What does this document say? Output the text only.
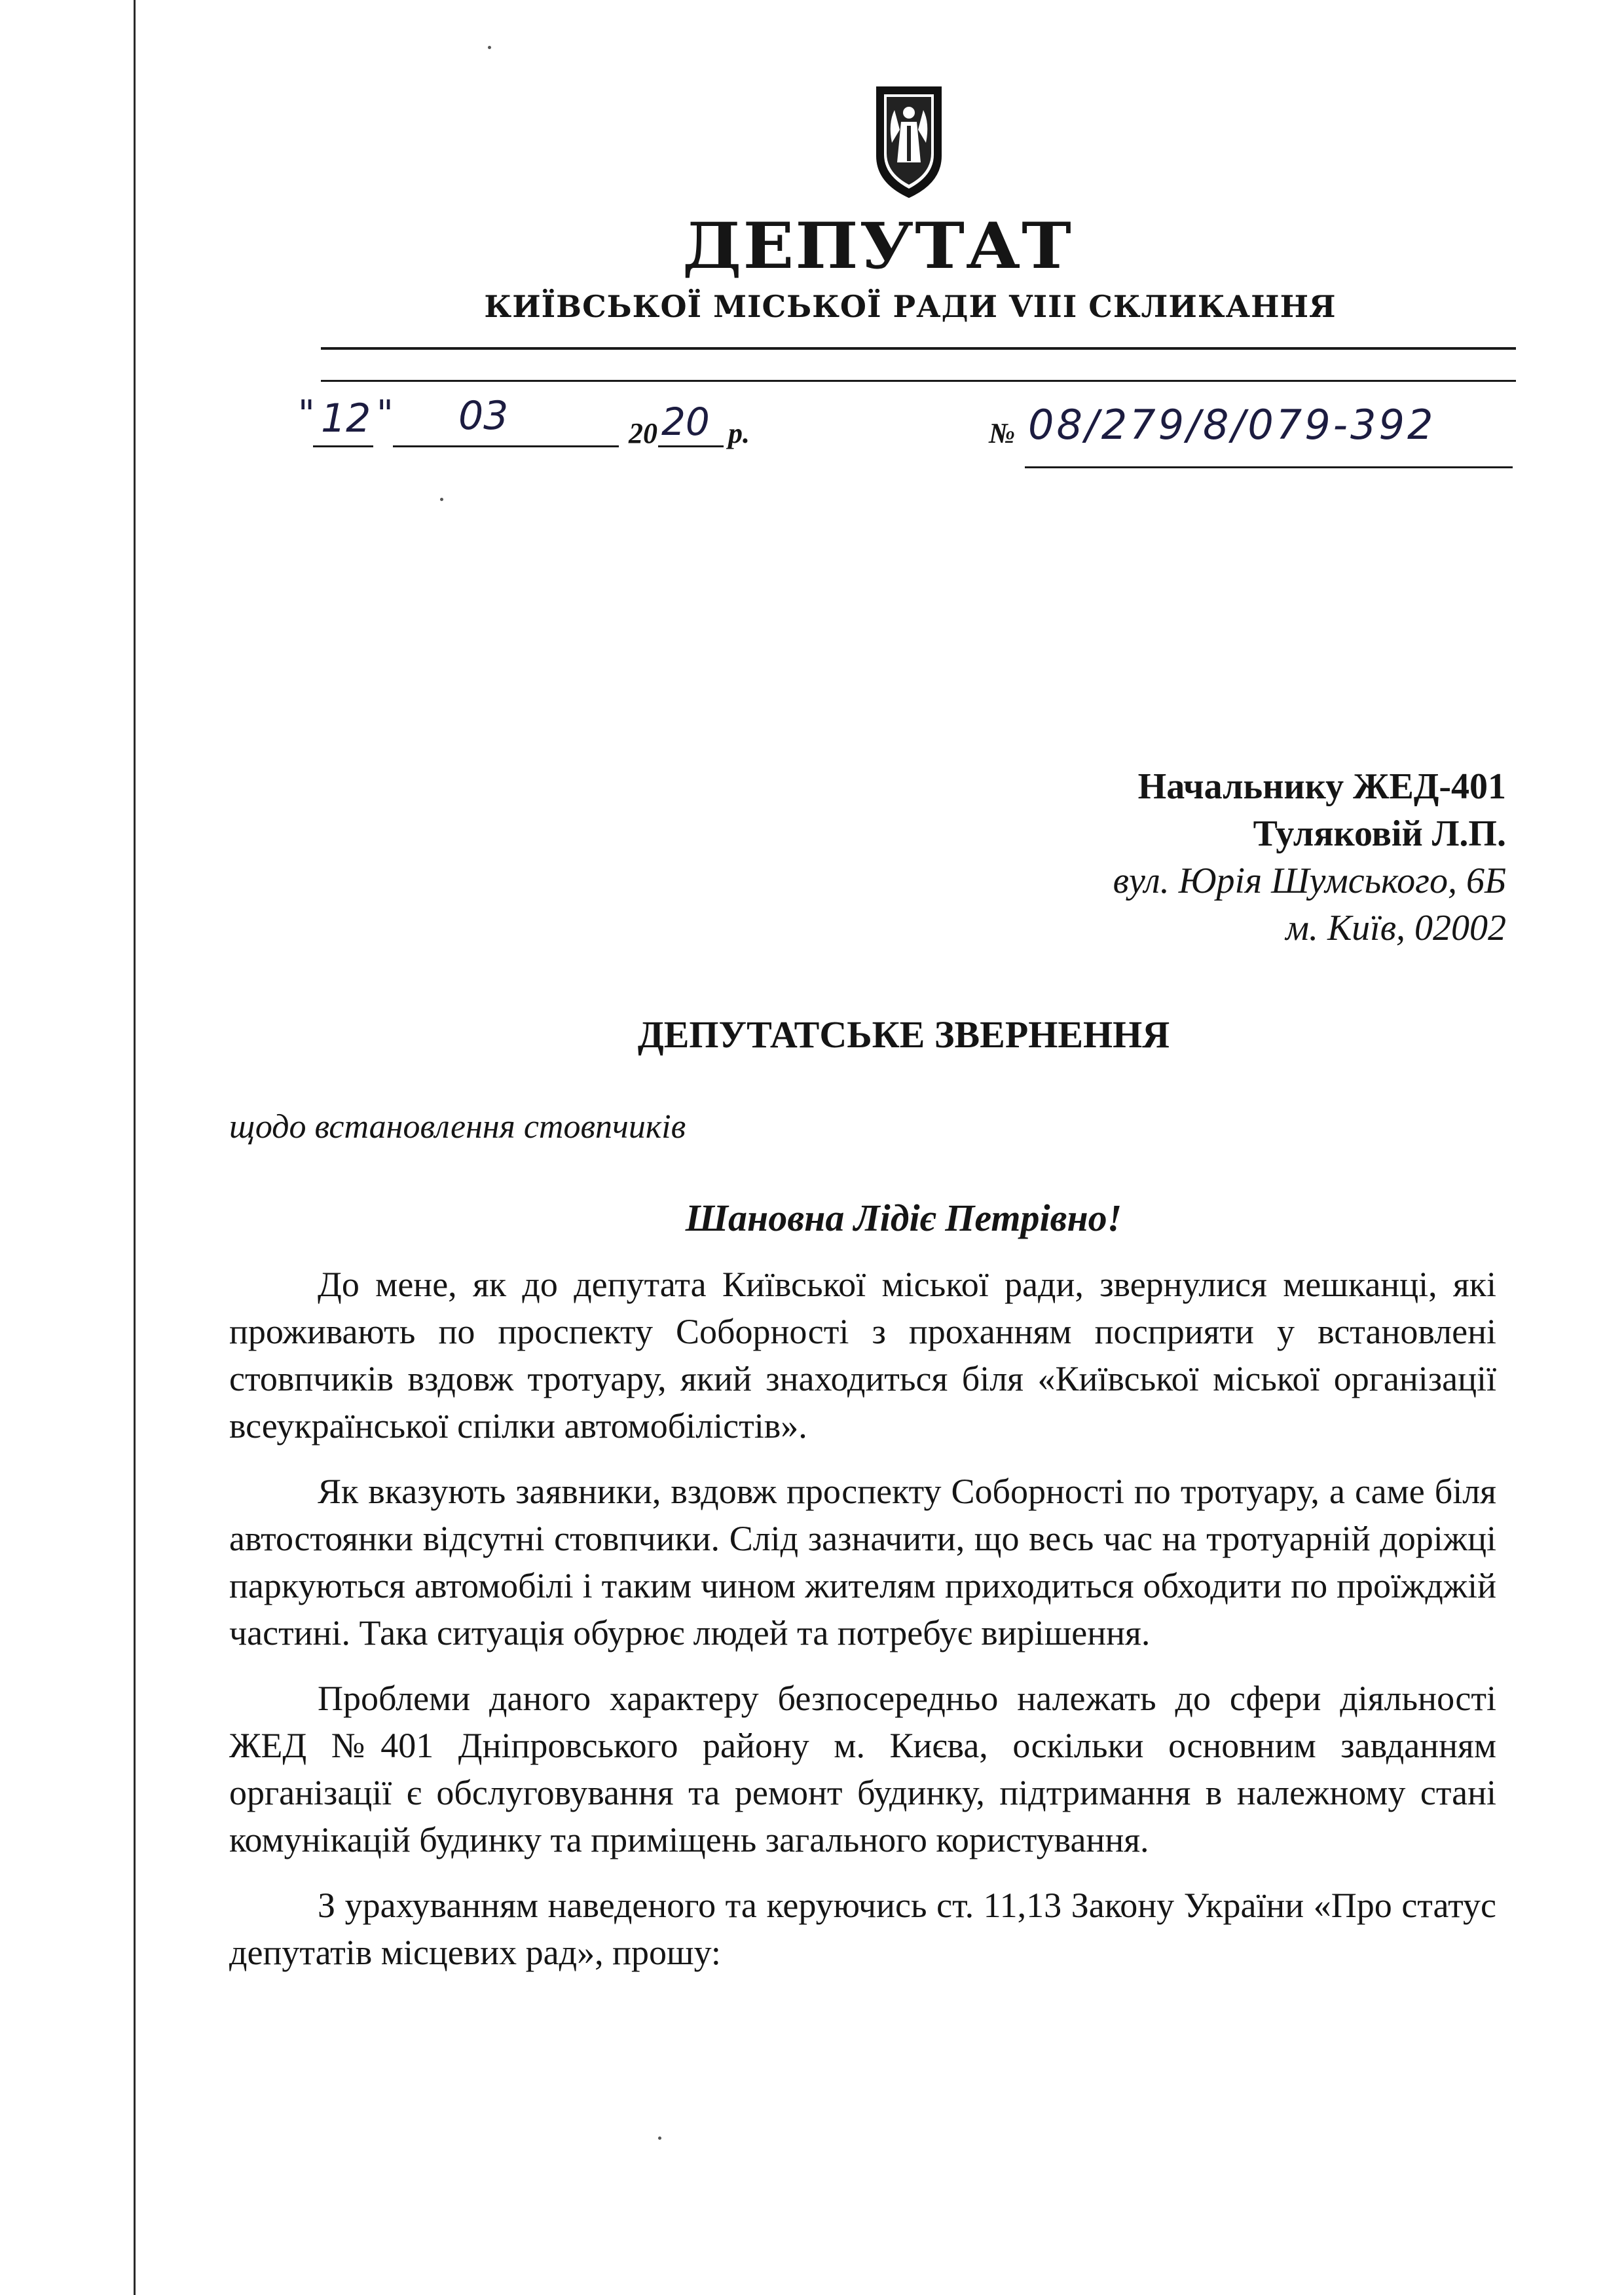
ДЕПУТАТ
КИЇВСЬКОЇ МІСЬКОЇ РАДИ VIII СКЛИКАННЯ
" 12 " 03	20 20 р.	№ 08/279/8/079-392
Начальнику ЖЕД-401
Туляковій Л.П.
вул. Юрія Шумського, 6Б
м. Київ, 02002
ДЕПУТАТСЬКЕ ЗВЕРНЕННЯ
щодо встановлення стовпчиків
Шановна Лідіє Петрівно!

До мене, як до депутата Київської міської ради, звернулися мешканці, які проживають по проспекту Соборності з проханням посприяти у встановлені стовпчиків вздовж тротуару, який знаходиться біля «Київської міської організації всеукраїнської спілки автомобілістів».

Як вказують заявники, вздовж проспекту Соборності по тротуару, а саме біля автостоянки відсутні стовпчики. Слід зазначити, що весь час на тротуарній доріжці паркуються автомобілі і таким чином жителям приходиться обходити по проїжджій частині. Така ситуація обурює людей та потребує вирішення.

Проблеми даного характеру безпосередньо належать до сфери діяльності ЖЕД №401 Дніпровського району м. Києва, оскільки основним завданням організації є обслуговування та ремонт будинку, підтримання в належному стані комунікацій будинку та приміщень загального користування.

З урахуванням наведеного та керуючись ст. 11,13 Закону України «Про статус депутатів місцевих рад», прошу:
